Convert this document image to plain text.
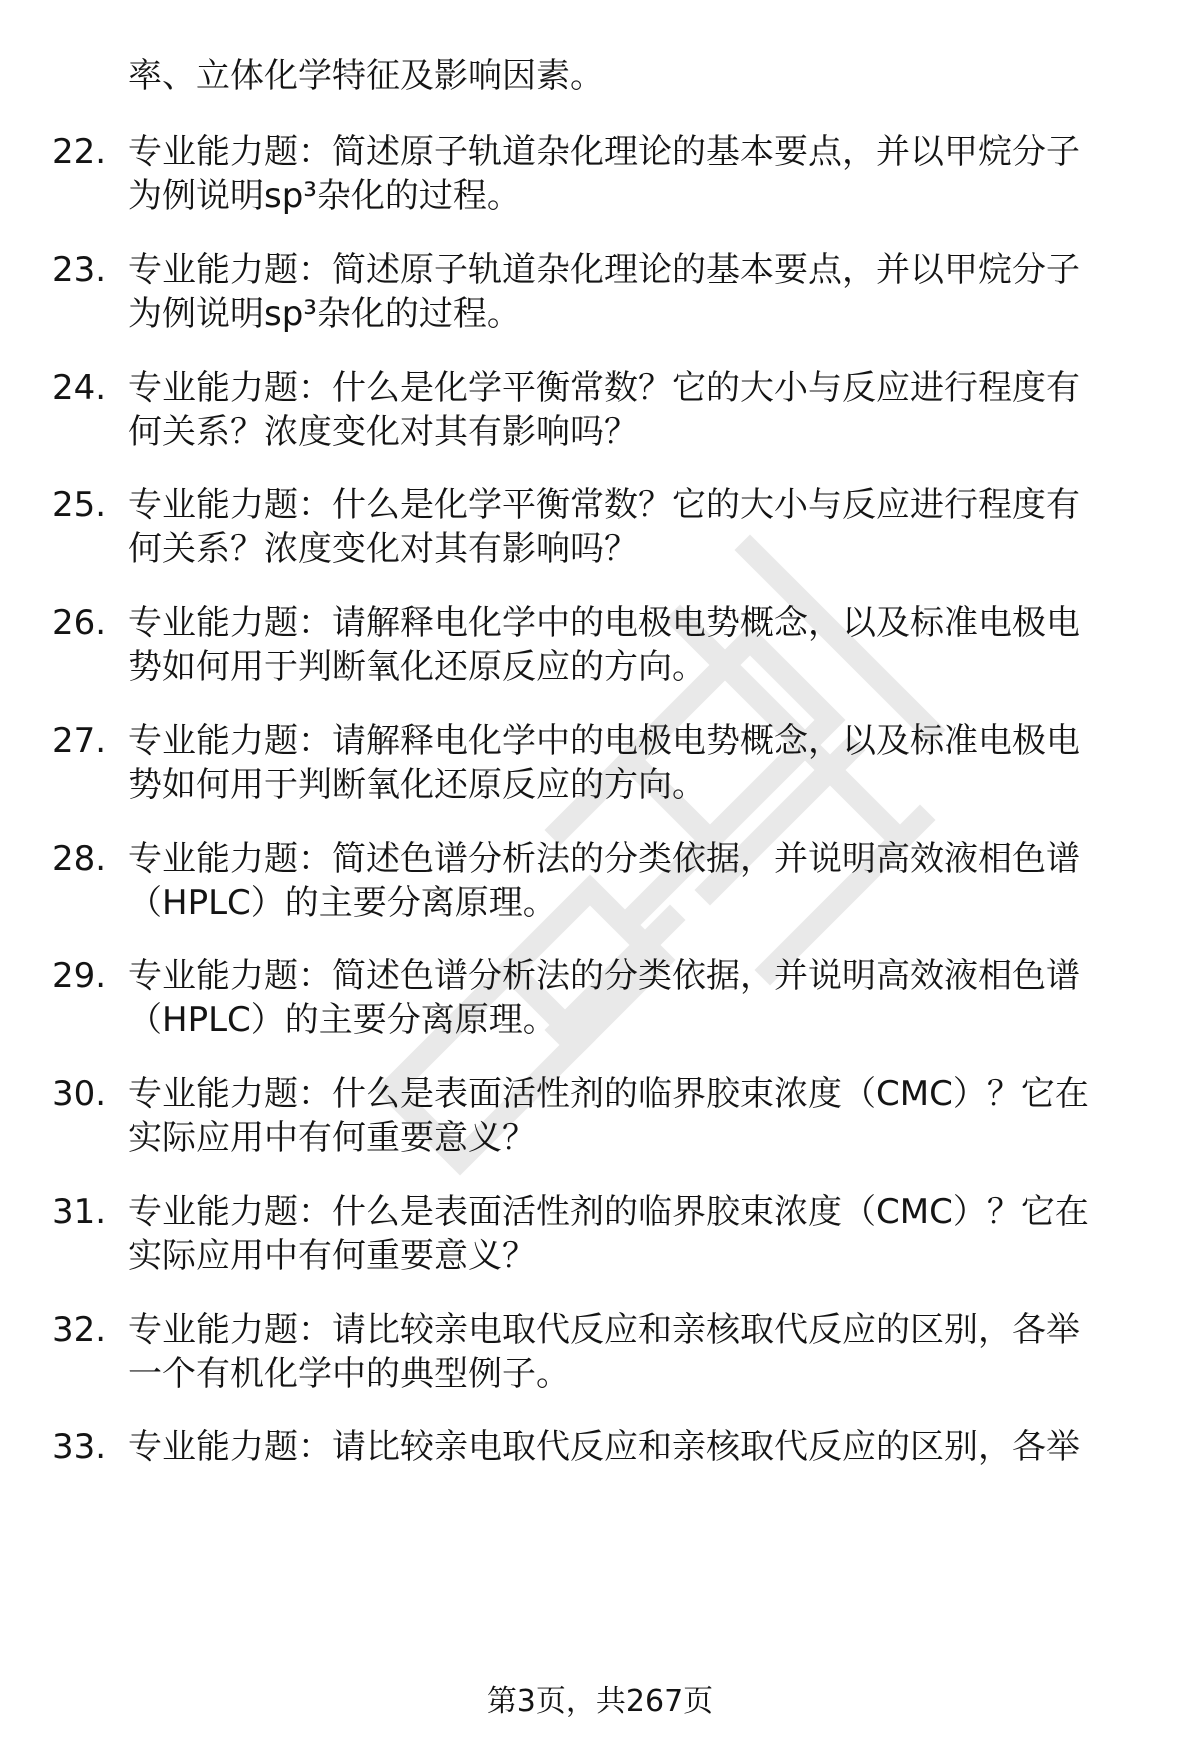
率、立体化学特征及影响因素。
22. 专业能力题：简述原子轨道杂化理论的基本要点，并以甲烷分子
为例说明sp³杂化的过程。
23. 专业能力题：简述原子轨道杂化理论的基本要点，并以甲烷分子
为例说明sp³杂化的过程。
24. 专业能力题：什么是化学平衡常数？它的大小与反应进行程度有
何关系？浓度变化对其有影响吗？
25. 专业能力题：什么是化学平衡常数？它的大小与反应进行程度有
何关系？浓度变化对其有影响吗？
26. 专业能力题：请解释电化学中的电极电势概念，以及标准电极电
势如何用于判断氧化还原反应的方向。
27. 专业能力题：请解释电化学中的电极电势概念，以及标准电极电
势如何用于判断氧化还原反应的方向。
28. 专业能力题：简述色谱分析法的分类依据，并说明高效液相色谱
（HPLC）的主要分离原理。
29. 专业能力题：简述色谱分析法的分类依据，并说明高效液相色谱
（HPLC）的主要分离原理。
30. 专业能力题：什么是表面活性剂的临界胶束浓度（CMC）？它在
实际应用中有何重要意义？
31. 专业能力题：什么是表面活性剂的临界胶束浓度（CMC）？它在
实际应用中有何重要意义？
32. 专业能力题：请比较亲电取代反应和亲核取代反应的区别，各举
一个有机化学中的典型例子。
33. 专业能力题：请比较亲电取代反应和亲核取代反应的区别，各举
第3页，共267页
